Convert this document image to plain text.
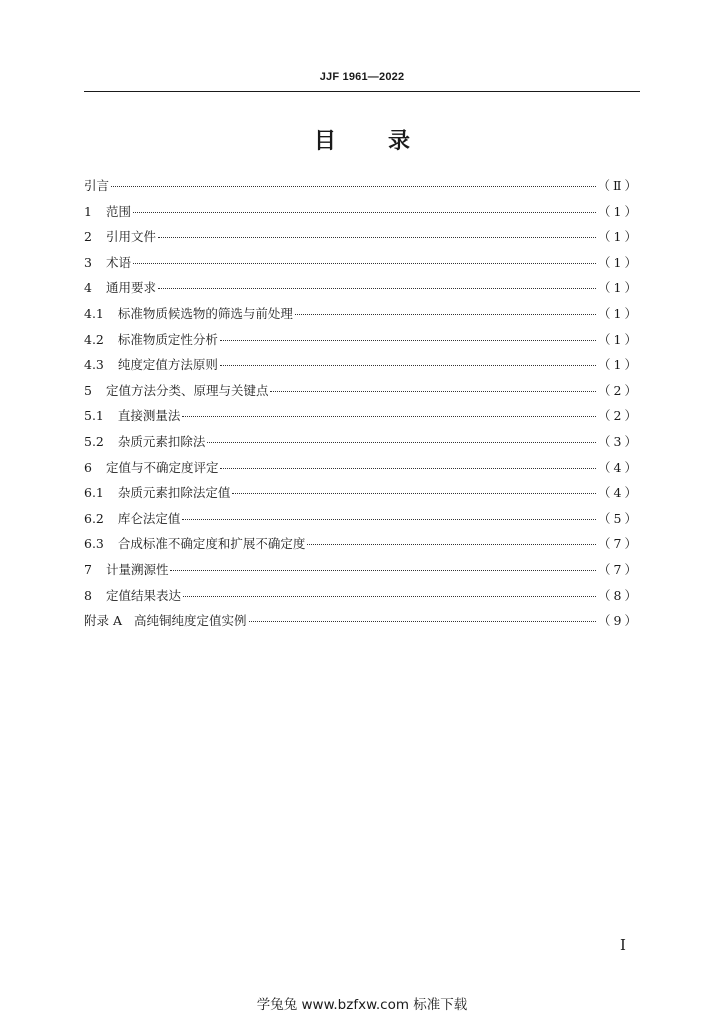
JJF 1961—2022
目 录
引言	（Ⅱ）
1 范围	（1）
2 引用文件	（1）
3 术语	（1）
4 通用要求	（1）
4.1 标准物质候选物的筛选与前处理	（1）
4.2 标准物质定性分析	（1）
4.3 纯度定值方法原则	（1）
5 定值方法分类、原理与关键点	（2）
5.1 直接测量法	（2）
5.2 杂质元素扣除法	（3）
6 定值与不确定度评定	（4）
6.1 杂质元素扣除法定值	（4）
6.2 库仑法定值	（5）
6.3 合成标准不确定度和扩展不确定度	（7）
7 计量溯源性	（7）
8 定值结果表达	（8）
附录 A 高纯铜纯度定值实例	（9）
I
学兔兔 www.bzfxw.com 标准下载
